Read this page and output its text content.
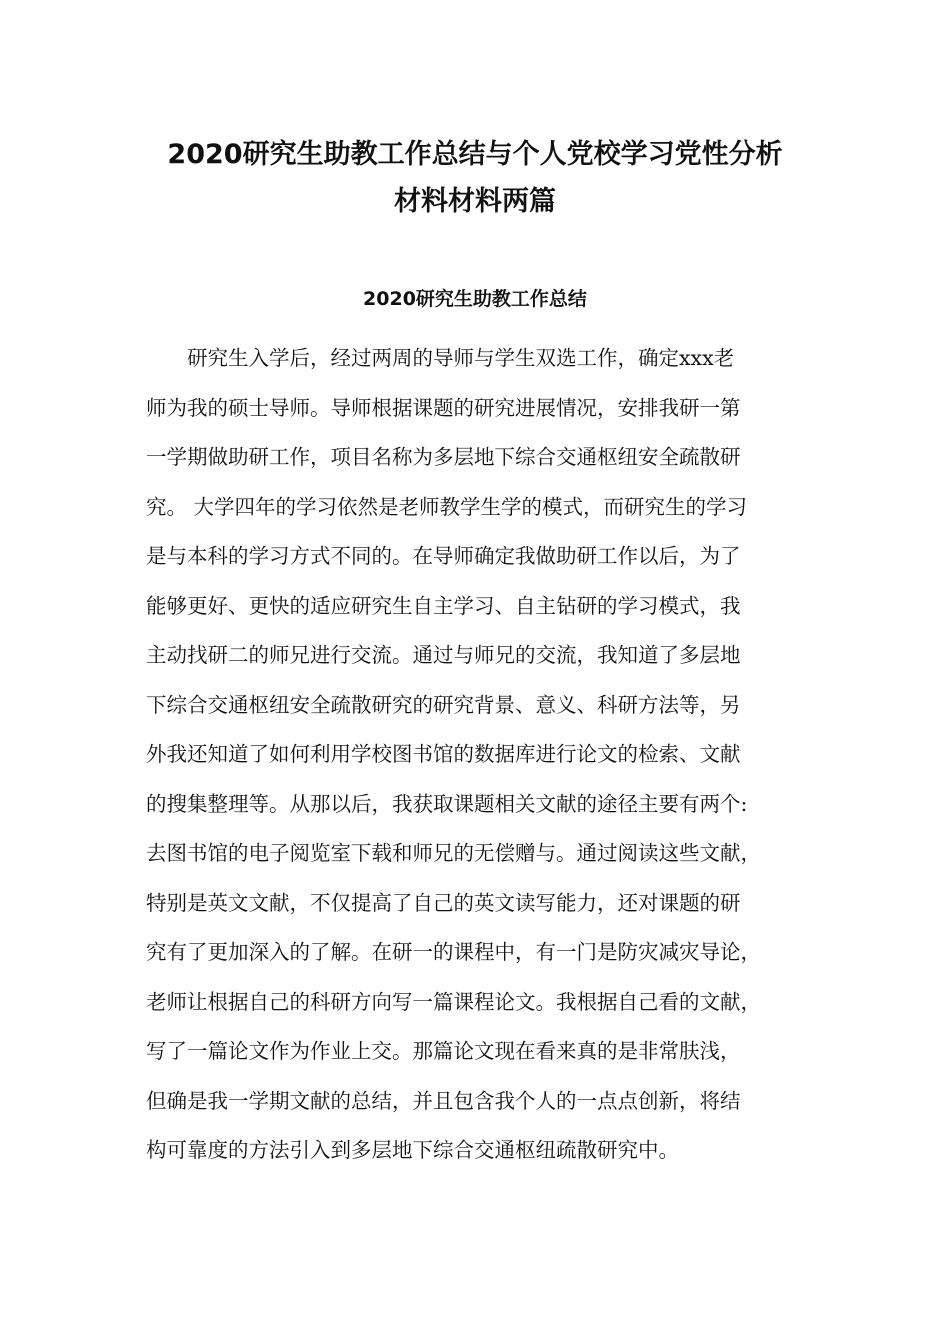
2020研究生助教工作总结与个人党校学习党性分析
材料材料两篇
2020研究生助教工作总结
　　研究生入学后，经过两周的导师与学生双选工作，确定xxx老
师为我的硕士导师。导师根据课题的研究进展情况，安排我研一第
一学期做助研工作，项目名称为多层地下综合交通枢纽安全疏散研
究。 大学四年的学习依然是老师教学生学的模式，而研究生的学习
是与本科的学习方式不同的。在导师确定我做助研工作以后，为了
能够更好、更快的适应研究生自主学习、自主钻研的学习模式，我
主动找研二的师兄进行交流。通过与师兄的交流，我知道了多层地
下综合交通枢纽安全疏散研究的研究背景、意义、科研方法等，另
外我还知道了如何利用学校图书馆的数据库进行论文的检索、文献
的搜集整理等。从那以后，我获取课题相关文献的途径主要有两个:
去图书馆的电子阅览室下载和师兄的无偿赠与。通过阅读这些文献，
特别是英文文献，不仅提高了自己的英文读写能力，还对课题的研
究有了更加深入的了解。在研一的课程中，有一门是防灾减灾导论，
老师让根据自己的科研方向写一篇课程论文。我根据自己看的文献，
写了一篇论文作为作业上交。那篇论文现在看来真的是非常肤浅，
但确是我一学期文献的总结，并且包含我个人的一点点创新，将结
构可靠度的方法引入到多层地下综合交通枢纽疏散研究中。
